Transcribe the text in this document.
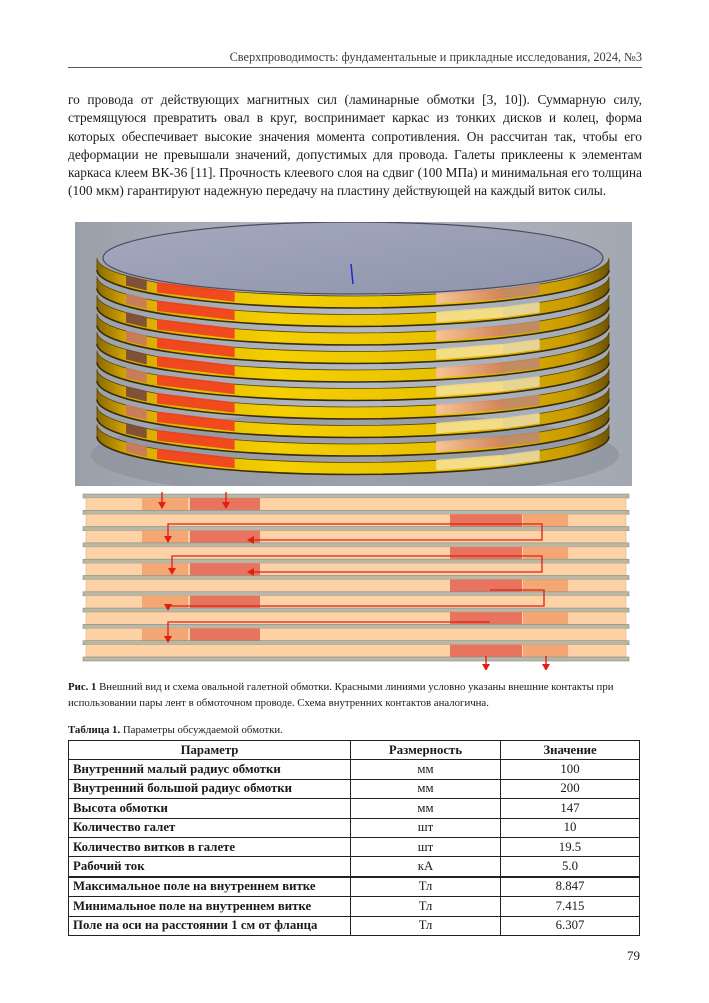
Сверхпроводимость: фундаментальные и прикладные исследования, 2024, №3

го провода от действующих магнитных сил (ламинарные обмотки [3, 10]). Суммарную силу, стремящуюся превратить овал в круг, воспринимает каркас из тонких дисков и колец, форма которых обеспечивает высокие значения момента сопротивления. Он рассчитан так, чтобы его деформации не превышали значений, допустимых для провода. Галеты приклеены к элементам каркаса клеем ВК-36 [11]. Прочность клеевого слоя на сдвиг (100 МПа) и минимальная его толщина (100 мкм) гарантируют надежную передачу на пластину действующей на каждый виток силы.

Рис. 1 Внешний вид и схема овальной галетной обмотки. Красными линиями условно указаны внешние контакты при использовании пары лент в обмоточном проводе. Схема внутренних контактов аналогична.

Таблица 1. Параметры обсуждаемой обмотки.

Параметр	Размерность	Значение
Внутренний малый радиус обмотки	мм	100
Внутренний большой радиус обмотки	мм	200
Высота обмотки	мм	147
Количество галет	шт	10
Количество витков в галете	шт	19.5
Рабочий ток	кА	5.0
Максимальное поле на внутреннем витке	Тл	8.847
Минимальное поле на внутреннем витке	Тл	7.415
Поле на оси на расстоянии 1 см от фланца	Тл	6.307
79
